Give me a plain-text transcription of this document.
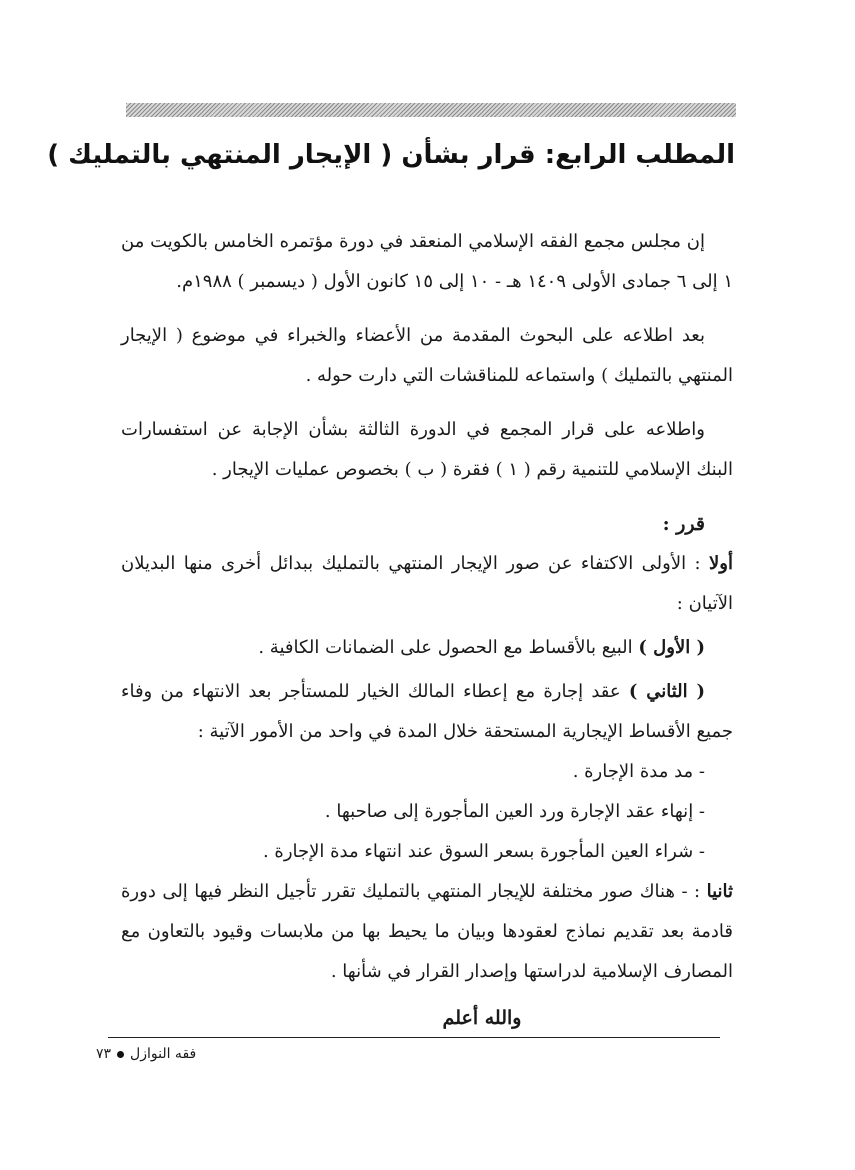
المطلب الرابع: قرار بشأن ( الإيجار المنتهي بالتمليك )

إن مجلس مجمع الفقه الإسلامي المنعقد في دورة مؤتمره الخامس بالكويت من ١ إلى ٦ جمادى الأولى ١٤٠٩ هـ - ١٠ إلى ١٥ كانون الأول ( ديسمبر ) ١٩٨٨م.

بعد اطلاعه على البحوث المقدمة من الأعضاء والخبراء في موضوع ( الإيجار المنتهي بالتمليك ) واستماعه للمناقشات التي دارت حوله .

واطلاعه على قرار المجمع في الدورة الثالثة بشأن الإجابة عن استفسارات البنك الإسلامي للتنمية رقم ( ١ ) فقرة ( ب ) بخصوص عمليات الإيجار .

قرر :

أولا : الأولى الاكتفاء عن صور الإيجار المنتهي بالتمليك ببدائل أخرى منها البديلان الآتيان :

( الأول ) البيع بالأقساط مع الحصول على الضمانات الكافية .

( الثاني ) عقد إجارة مع إعطاء المالك الخيار للمستأجر بعد الانتهاء من وفاء جميع الأقساط الإيجارية المستحقة خلال المدة في واحد من الأمور الآتية :

- مد مدة الإجارة .
- إنهاء عقد الإجارة ورد العين المأجورة إلى صاحبها .
- شراء العين المأجورة بسعر السوق عند انتهاء مدة الإجارة .

ثانيا : - هناك صور مختلفة للإيجار المنتهي بالتمليك تقرر تأجيل النظر فيها إلى دورة قادمة بعد تقديم نماذج لعقودها وبيان ما يحيط بها من ملابسات وقيود بالتعاون مع المصارف الإسلامية لدراستها وإصدار القرار في شأنها .

والله أعلم

فقه النوازل٧٣
